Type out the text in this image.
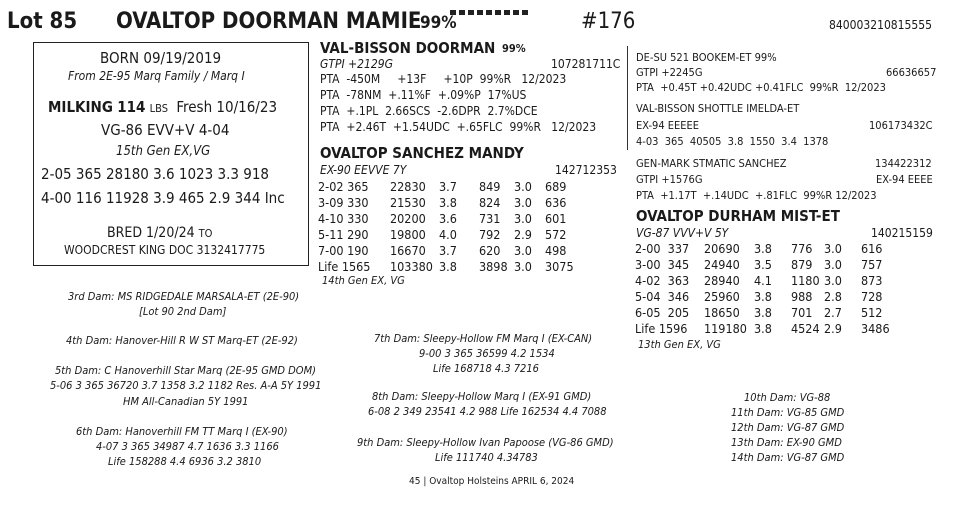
Lot 85 OVALTOP DOORMAN MAMIE
99%	#176	840003210815555
BORN 09/19/2019
From 2E-95 Marq Family / Marq I
MILKING 114 LBS Fresh 10/16/23
VG-86 EVV+V 4-04
15th Gen EX,VG
2-05 365 28180 3.6 1023 3.3 918
4-00 116 11928 3.9 465 2.9 344 Inc
BRED 1/20/24 TO
WOODCREST KING DOC 3132417775
VAL-BISSON DOORMAN 99%
GTPI +2129G	107281711C
PTA  -450M     +13F     +10P  99%R   12/2023
PTA  -78NM  +.11%F  +.09%P  17%US
PTA  +.1PL  2.66SCS  -2.6DPR  2.7%DCE
PTA  +2.46T  +1.54UDC  +.65FLC  99%R   12/2023
OVALTOP SANCHEZ MANDY
EX-90 EEVVE 7Y	142712353
2-02 365 22830 3.7 849 3.0 689
3-09 330 21530 3.8 824 3.0 636
4-10 330 20200 3.6 731 3.0 601
5-11 290 19800 4.0 792 2.9 572
7-00 190 16670 3.7 620 3.0 498
Life 1565 103380 3.8 3898 3.0 3075
14th Gen EX, VG
DE-SU 521 BOOKEM-ET 99%
GTPI +2245G	66636657
PTA  +0.45T +0.42UDC +0.41FLC  99%R  12/2023
VAL-BISSON SHOTTLE IMELDA-ET
EX-94 EEEEE	106173432C
4-03  365  40505  3.8  1550  3.4  1378
GEN-MARK STMATIC SANCHEZ	134422312
GTPI +1576G	EX-94 EEEE
PTA  +1.17T  +.14UDC  +.81FLC  99%R 12/2023
OVALTOP DURHAM MIST-ET
VG-87 VVV+V 5Y	140215159
2-00  337 20690 3.8 776 3.0 616
3-00  345 24940 3.5 879 3.0 757
4-02  363 28940 4.1 1180 3.0 873
5-04  346 25960 3.8 988 2.8 728
6-05  205 18650 3.8 701 2.7 512
Life 1596 119180 3.8 4524 2.9 3486
13th Gen EX, VG
3rd Dam: MS RIDGEDALE MARSALA-ET (2E-90)
[Lot 90 2nd Dam]
4th Dam: Hanover-Hill R W ST Marq-ET (2E-92)
5th Dam: C Hanoverhill Star Marq (2E-95 GMD DOM)
5-06 3 365 36720 3.7 1358 3.2 1182 Res. A-A 5Y 1991
HM All-Canadian 5Y 1991
6th Dam: Hanoverhill FM TT Marq I (EX-90)
4-07 3 365 34987 4.7 1636 3.3 1166
Life 158288 4.4 6936 3.2 3810
7th Dam: Sleepy-Hollow FM Marq I (EX-CAN)
9-00 3 365 36599 4.2 1534
Life 168718 4.3 7216
8th Dam: Sleepy-Hollow Marq I (EX-91 GMD)
6-08 2 349 23541 4.2 988 Life 162534 4.4 7088
9th Dam: Sleepy-Hollow Ivan Papoose (VG-86 GMD)
Life 111740 4.34783
10th Dam: VG-88
11th Dam: VG-85 GMD
12th Dam: VG-87 GMD
13th Dam: EX-90 GMD
14th Dam: VG-87 GMD
45 | Ovaltop Holsteins APRIL 6, 2024
